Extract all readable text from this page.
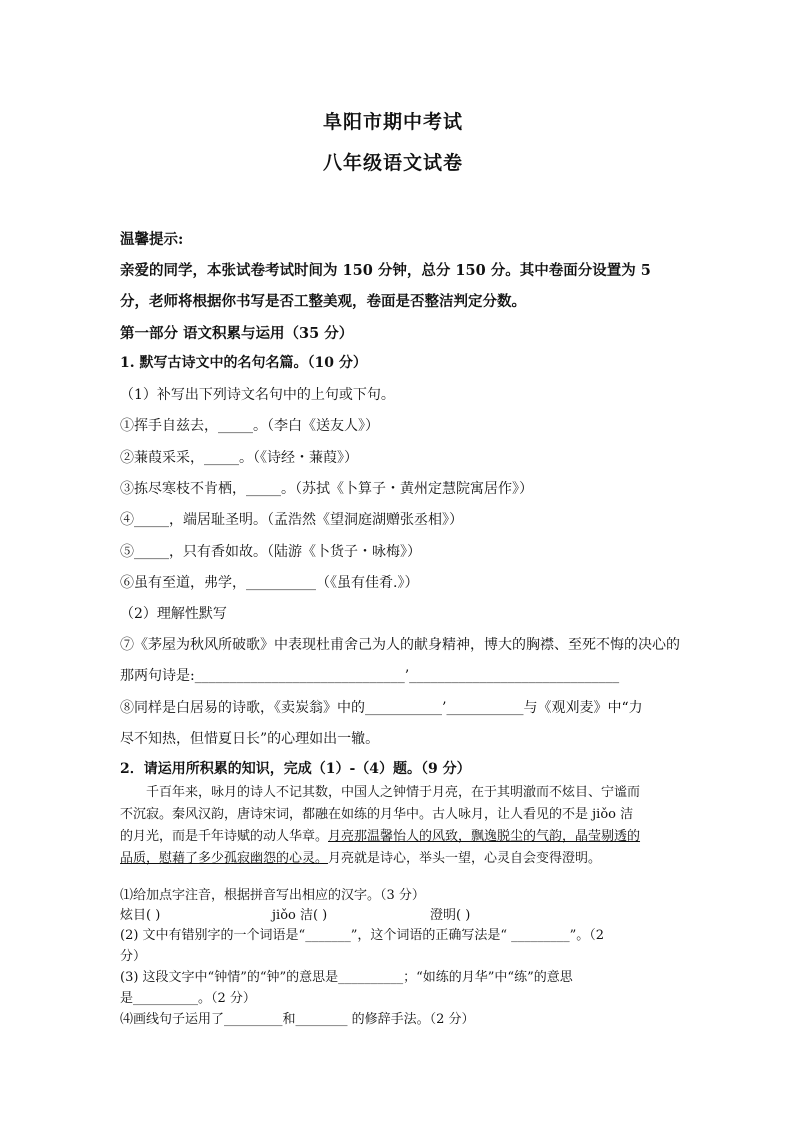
阜阳市期中考试
八年级语文试卷
温馨提示:
亲爱的同学，本张试卷考试时间为 150 分钟，总分 150 分。其中卷面分设置为 5
分，老师将根据你书写是否工整美观，卷面是否整洁判定分数。
第一部分 语文积累与运用（35 分）
1. 默写古诗文中的名句名篇。（10 分）
（1）补写出下列诗文名句中的上句或下句。
①挥手自兹去，_____。（李白《送友人》）
②蒹葭采采，_____。（《诗经・蒹葭》）
③拣尽寒枝不肯栖，_____。（苏拭《卜算子・黄州定慧院寓居作》）
④_____，端居耻圣明。（孟浩然《望洞庭湖赠张丞相》）
⑤_____，只有香如故。（陆游《卜货子・咏梅》）
⑥虽有至道，弗学，__________（《虽有佳肴.》）
（2）理解性默写
⑦《茅屋为秋风所破歌》中表现杜甫舍己为人的献身精神，博大的胸襟、至死不悔的决心的
那两句诗是:______________________________’______________________________
⑧同样是白居易的诗歌，《卖炭翁》中的___________’___________与《观刈麦》中“力
尽不知热，但惜夏日长”的心理如出一辙。
2．请运用所积累的知识，完成（1）-（4）题。（9 分）
千百年来，咏月的诗人不记其数，中国人之钟情于月亮，在于其明澈而不炫目、宁谧而
不沉寂。秦风汉韵，唐诗宋词，都融在如练的月华中。古人咏月，让人看见的不是 jiǒo 洁
的月光，而是千年诗赋的动人华章。月亮那温馨怡人的风致，飘逸脱尘的气韵，晶莹剔透的
品质，慰藉了多少孤寂幽怨的心灵。月亮就是诗心，举头一望，心灵自会变得澄明。
⑴给加点字注音，根据拼音写出相应的汉字。（3 分）
炫目( )	jiǒo 洁( )	澄明( )
(2) 文中有错别字的一个词语是“_______”，这个词语的正确写法是“ _________”。（2
分）
(3) 这段文字中“钟情”的“钟”的意思是__________；“如练的月华”中“练”的意思
是__________。（2 分）
⑷画线句子运用了_________和________ 的修辞手法。（2 分）
